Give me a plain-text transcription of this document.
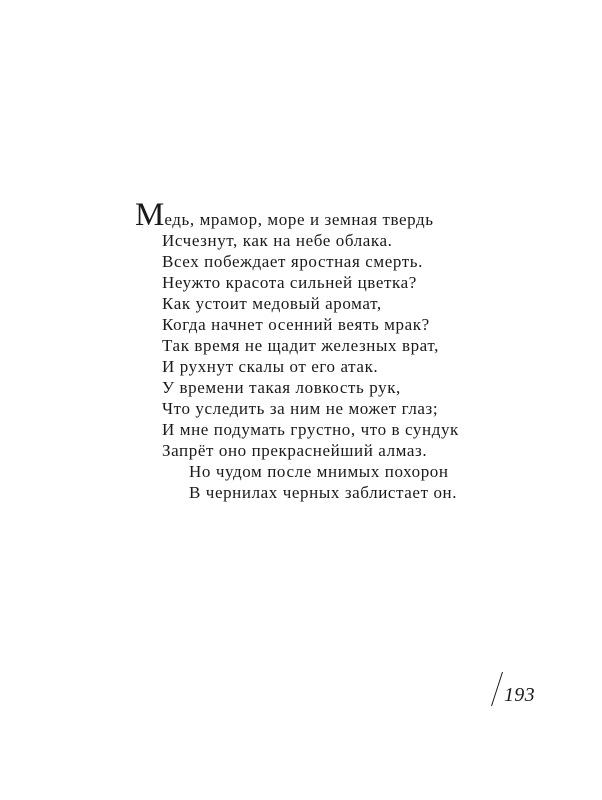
Медь, мрамор, море и земная твердь
Исчезнут, как на небе облака.
Всех побеждает яростная смерть.
Неужто красота сильней цветка?
Как устоит медовый аромат,
Когда начнет осенний веять мрак?
Так время не щадит железных врат,
И рухнут скалы от его атак.
У времени такая ловкость рук,
Что уследить за ним не может глаз;
И мне подумать грустно, что в сундук
Запрёт оно прекраснейший алмаз.
Но чудом после мнимых похорон
В чернилах черных заблистает он.
193
